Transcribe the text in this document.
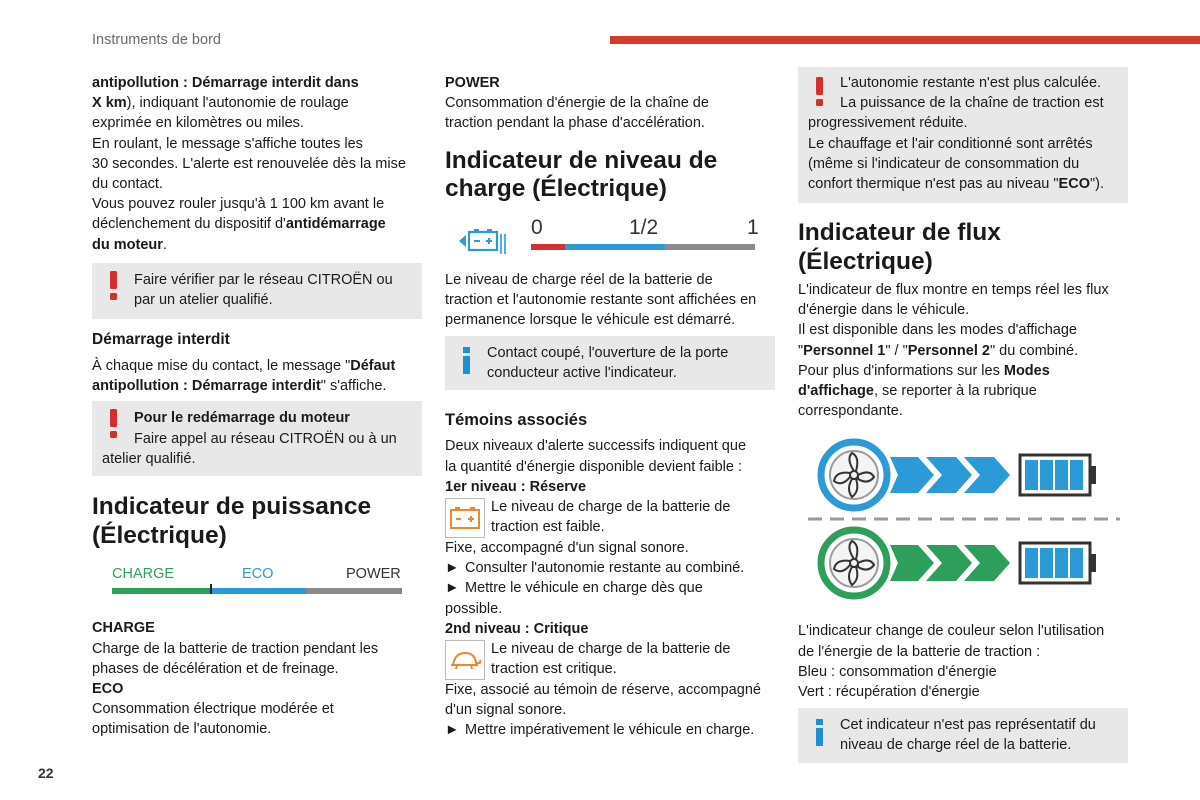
Instruments de bord

antipollution : Démarrage interdit dans

X km), indiquant l'autonomie de roulage

exprimée en kilomètres ou miles.

En roulant, le message s'affiche toutes les

30 secondes. L'alerte est renouvelée dès la mise

du contact.

Vous pouvez rouler jusqu'à 1 100 km avant le

déclenchement du dispositif d'antidémarrage

du moteur.

Faire vérifier par le réseau CITROËN ou

par un atelier qualifié.

Démarrage interdit

À chaque mise du contact, le message "Défaut

antipollution : Démarrage interdit" s'affiche.

Pour le redémarrage du moteur

Faire appel au réseau CITROËN ou à un

atelier qualifié.

Indicateur de puissance

(Électrique)

CHARGE	ECO	POWER

CHARGE

Charge de la batterie de traction pendant les

phases de décélération et de freinage.

ECO

Consommation électrique modérée et

optimisation de l'autonomie.

POWER

Consommation d'énergie de la chaîne de

traction pendant la phase d'accélération.

Indicateur de niveau de

charge (Électrique)

0	1/2	1

Le niveau de charge réel de la batterie de

traction et l'autonomie restante sont affichées en

permanence lorsque le véhicule est démarré.

Contact coupé, l'ouverture de la porte

conducteur active l'indicateur.

Témoins associés

Deux niveaux d'alerte successifs indiquent que

la quantité d'énergie disponible devient faible :

1er niveau : Réserve

Le niveau de charge de la batterie de

traction est faible.

Fixe, accompagné d'un signal sonore.

► Consulter l'autonomie restante au combiné.

► Mettre le véhicule en charge dès que

possible.

2nd niveau : Critique

Le niveau de charge de la batterie de

traction est critique.

Fixe, associé au témoin de réserve, accompagné

d'un signal sonore.

► Mettre impérativement le véhicule en charge.

L'autonomie restante n'est plus calculée.

La puissance de la chaîne de traction est

progressivement réduite.

Le chauffage et l'air conditionné sont arrêtés

(même si l'indicateur de consommation du

confort thermique n'est pas au niveau "ECO").

Indicateur de flux

(Électrique)

L'indicateur de flux montre en temps réel les flux

d'énergie dans le véhicule.

Il est disponible dans les modes d'affichage

"Personnel 1" / "Personnel 2" du combiné.

Pour plus d'informations sur les Modes

d'affichage, se reporter à la rubrique

correspondante.

L'indicateur change de couleur selon l'utilisation

de l'énergie de la batterie de traction :

Bleu : consommation d'énergie

Vert : récupération d'énergie

Cet indicateur n'est pas représentatif du

niveau de charge réel de la batterie.

22
